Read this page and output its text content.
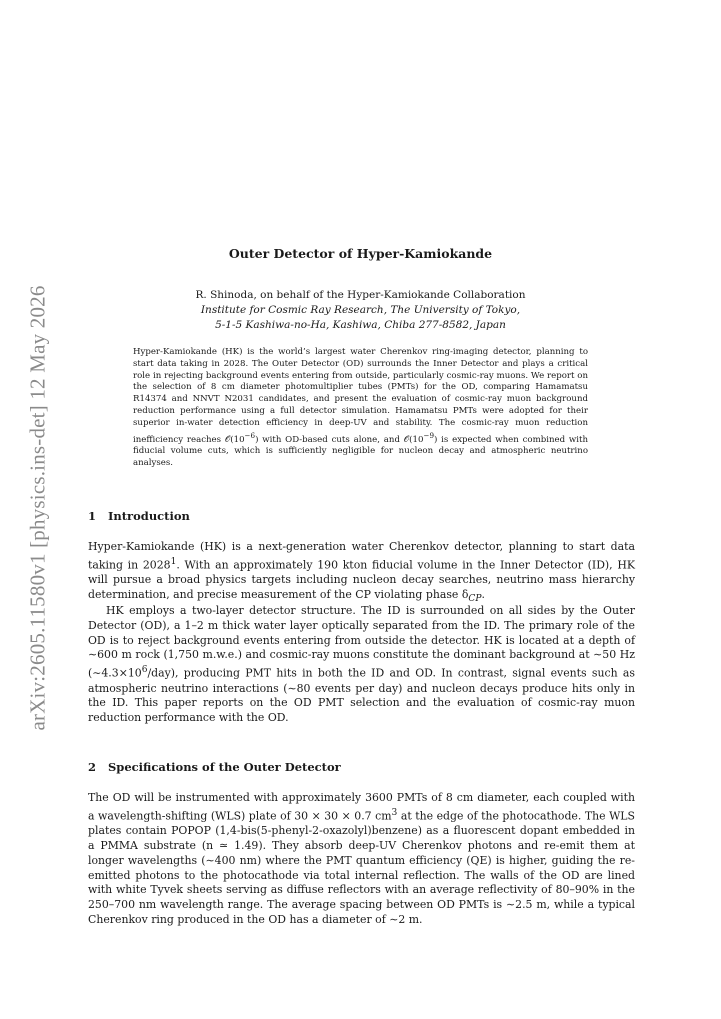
arXiv:2605.11580v1 [physics.ins-det] 12 May 2026
Outer Detector of Hyper-Kamiokande
R. Shinoda, on behalf of the Hyper-Kamiokande Collaboration
Institute for Cosmic Ray Research, The University of Tokyo,
5-1-5 Kashiwa-no-Ha, Kashiwa, Chiba 277-8582, Japan

Hyper-Kamiokande (HK) is the world’s largest water Cherenkov ring-imaging detector, planning to start data taking in 2028. The Outer Detector (OD) surrounds the Inner Detector and plays a critical role in rejecting background events entering from outside, particularly cosmic-ray muons. We report on the selection of 8 cm diameter photomultiplier tubes (PMTs) for the OD, comparing Hamamatsu R14374 and NNVT N2031 candidates, and present the evaluation of cosmic-ray muon background reduction performance using a full detector simulation. Hamamatsu PMTs were adopted for their superior in-water detection efficiency in deep-UV and stability. The cosmic-ray muon reduction inefficiency reaches $𝒪(10^{-6})$ with OD-based cuts alone, and $𝒪(10^{-9})$ is expected when combined with fiducial volume cuts, which is sufficiently negligible for nucleon decay and atmospheric neutrino analyses.

1 Introduction

Hyper-Kamiokande (HK) is a next-generation water Cherenkov detector, planning to start data taking in 2028$^1$. With an approximately 190 kton fiducial volume in the Inner Detector (ID), HK will pursue a broad physics targets including nucleon decay searches, neutrino mass hierarchy determination, and precise measurement of the CP violating phase $\delta_{CP}$.

HK employs a two-layer detector structure. The ID is surrounded on all sides by the Outer Detector (OD), a 1–2 m thick water layer optically separated from the ID. The primary role of the OD is to reject background events entering from outside the detector. HK is located at a depth of ∼600 m rock (1,750 m.w.e.) and cosmic-ray muons constitute the dominant background at ∼50 Hz $(\sim 4.3\times 10^6/day)$, producing PMT hits in both the ID and OD. In contrast, signal events such as atmospheric neutrino interactions (∼80 events per day) and nucleon decays produce hits only in the ID. This paper reports on the OD PMT selection and the evaluation of cosmic-ray muon reduction performance with the OD.

2 Specifications of the Outer Detector

The OD will be instrumented with approximately 3600 PMTs of 8 cm diameter, each coupled with a wavelength-shifting (WLS) plate of 30 × 30 × 0.7 $cm^3$ at the edge of the photocathode. The WLS plates contain POPOP (1,4-bis(5-phenyl-2-oxazolyl)benzene) as a fluorescent dopant embedded in a PMMA substrate (n ≃ 1.49). They absorb deep-UV Cherenkov photons and re-emit them at longer wavelengths (∼400 nm) where the PMT quantum efficiency (QE) is higher, guiding the re-emitted photons to the photocathode via total internal reflection. The walls of the OD are lined with white Tyvek sheets serving as diffuse reflectors with an average reflectivity of 80–90% in the 250–700 nm wavelength range. The average spacing between OD PMTs is ∼2.5 m, while a typical Cherenkov ring produced in the OD has a diameter of ∼2 m.
